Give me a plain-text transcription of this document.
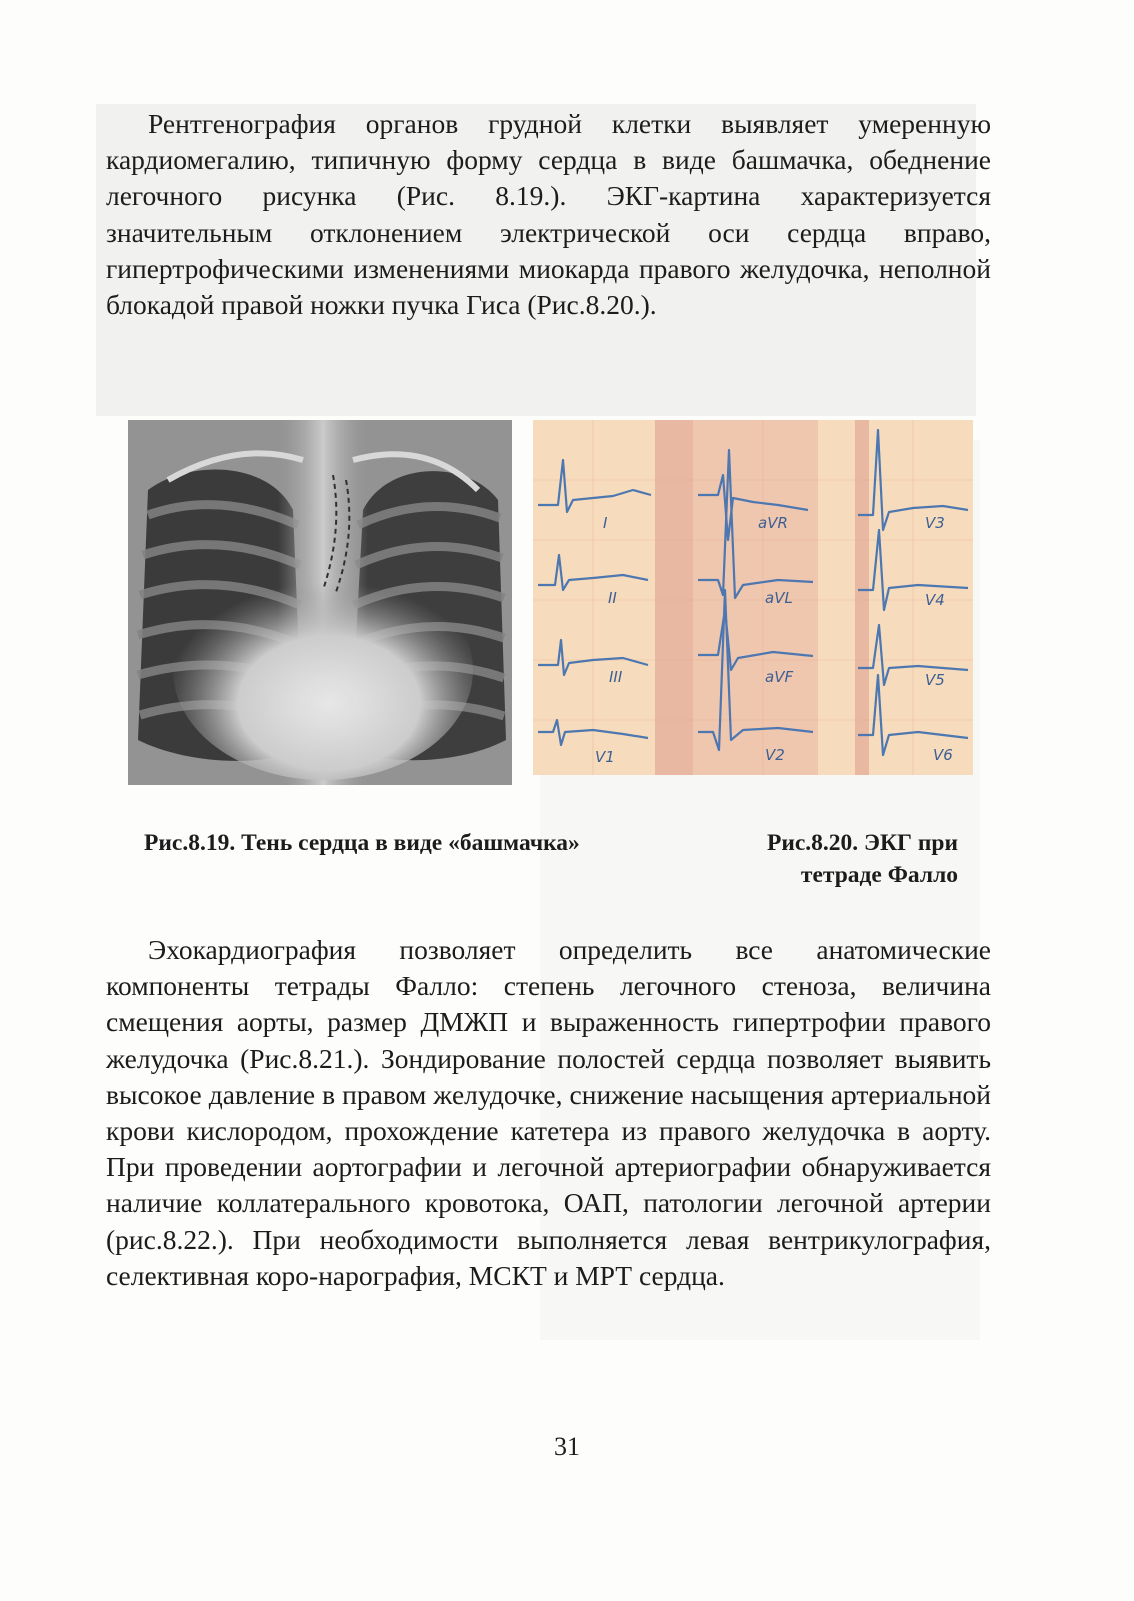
Рентгенография органов грудной клетки выявляет умеренную кардиомегалию, типичную форму сердца в виде башмачка, обеднение легочного рисунка (Рис. 8.19.). ЭКГ-картина характеризуется значительным отклонением электрической оси сердца вправо, гипертрофическими изменениями миокарда правого желудочка, неполной блокадой правой ножки пучка Гиса (Рис.8.20.).

I
II
III
V1
aVR
aVL
aVF
V2
V3
V4
V5
V6

Рис.8.19. Тень сердца в виде «башмачка»	Рис.8.20. ЭКГ при тетраде Фалло

Эхокардиография позволяет определить все анатомические компоненты тетрады Фалло: степень легочного стеноза, величина смещения аорты, размер ДМЖП и выраженность гипертрофии правого желудочка (Рис.8.21.). Зондирование полостей сердца позволяет выявить высокое давление в правом желудочке, снижение насыщения артериальной крови кислородом, прохождение катетера из правого желудочка в аорту. При проведении аортографии и легочной артериографии обнаруживается наличие коллатерального кровотока, ОАП, патологии легочной артерии (рис.8.22.). При необходимости выполняется левая вентрикулография, селективная коро-нарография, МСКТ и МРТ сердца.

31
